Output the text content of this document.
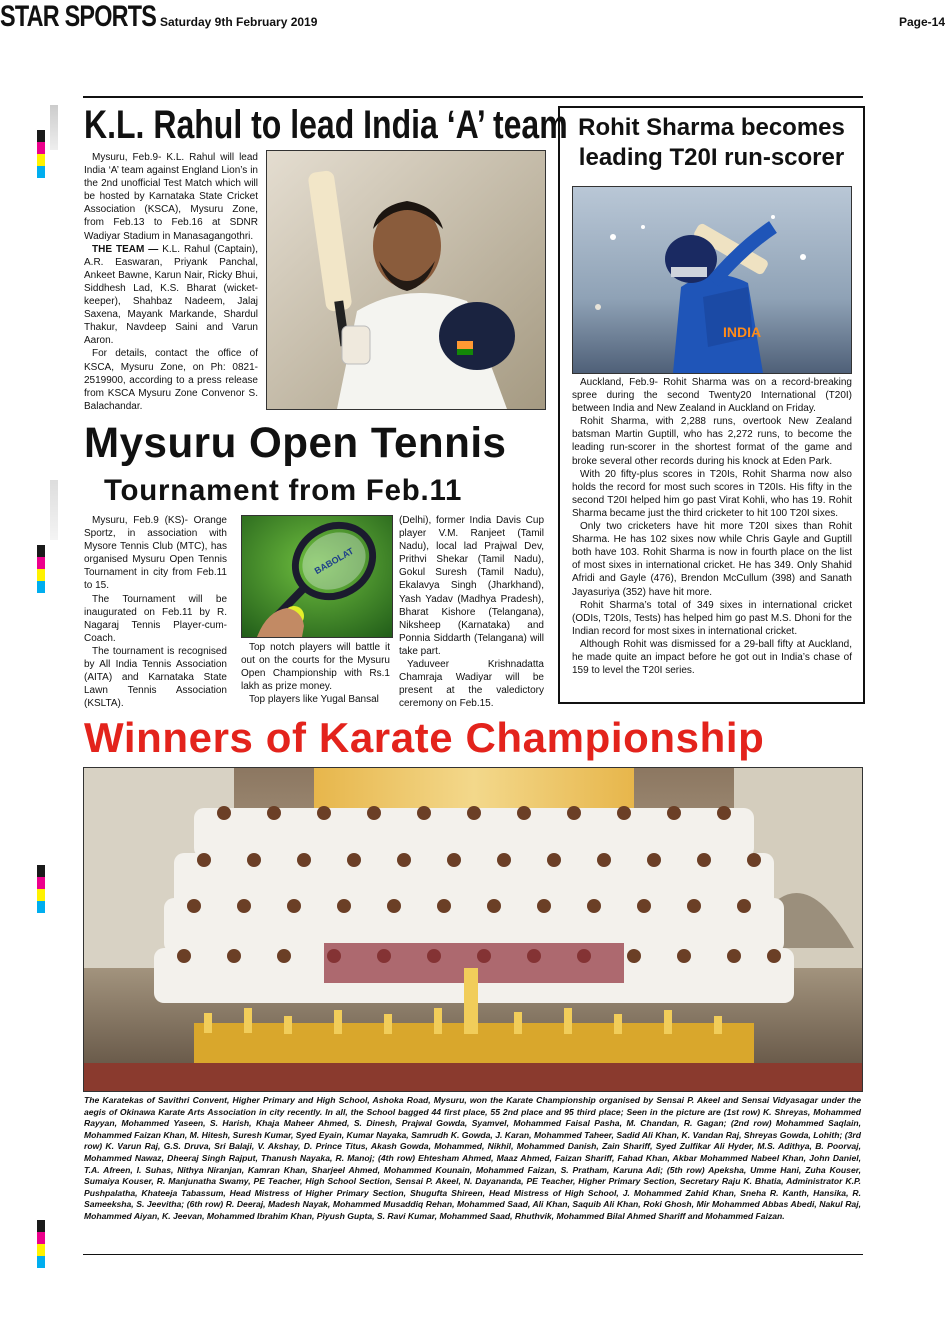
STAR SPORTS Saturday 9th February 2019	Page-14
K.L. Rahul to lead India ‘A’ team

Mysuru, Feb.9- K.L. Rahul will lead India ‘A’ team against England Lion’s in the 2nd unofficial Test Match which will be hosted by Karnataka State Cricket Association (KSCA), Mysuru Zone, from Feb.13 to Feb.16 at SDNR Wadiyar Stadium in Manasagangothri.

THE TEAM — K.L. Rahul (Captain), A.R. Easwaran, Priyank Panchal, Ankeet Bawne, Karun Nair, Ricky Bhui, Siddhesh Lad, K.S. Bharat (wicket-keeper), Shahbaz Nadeem, Jalaj Saxena, Mayank Markande, Shardul Thakur, Navdeep Saini and Varun Aaron.

For details, contact the office of KSCA, Mysuru Zone, on Ph: 0821-2519900, according to a press release from KSCA Mysuru Zone Convenor S. Balachandar.

Rohit Sharma becomes
leading T20I run-scorer
INDIA

Auckland, Feb.9- Rohit Sharma was on a record-breaking spree during the second Twenty20 International (T20I) between India and New Zealand in Auckland on Friday.

Rohit Sharma, with 2,288 runs, overtook New Zealand batsman Martin Guptill, who has 2,272 runs, to become the leading run-scorer in the shortest format of the game and broke several other records during his knock at Eden Park.

With 20 fifty-plus scores in T20Is, Rohit Sharma now also holds the record for most such scores in T20Is. His fifty in the second T20I helped him go past Virat Kohli, who has 19. Rohit Sharma became just the third cricketer to hit 100 T20I sixes.

Only two cricketers have hit more T20I sixes than Rohit Sharma. He has 102 sixes now while Chris Gayle and Guptill both have 103. Rohit Sharma is now in fourth place on the list of most sixes in international cricket. He has 349. Only Shahid Afridi and Gayle (476), Brendon McCullum (398) and Sanath Jayasuriya (352) have hit more.

Rohit Sharma’s total of 349 sixes in international cricket (ODIs, T20Is, Tests) has helped him go past M.S. Dhoni for the Indian record for most sixes in international cricket.

Although Rohit was dismissed for a 29-ball fifty at Auckland, he made quite an impact before he got out in India’s chase of 159 to level the T20I series.

Mysuru Open Tennis
Tournament from Feb.11

Mysuru, Feb.9 (KS)- Orange Sportz, in association with Mysore Tennis Club (MTC), has organised Mysuru Open Tennis Tournament in city from Feb.11 to 15.

The Tournament will be inaugurated on Feb.11 by R. Nagaraj Tennis Player-cum-Coach.

The tournament is recognised by All India Tennis Association (AITA) and Karnataka State Lawn Tennis Association (KSLTA).

BABOLAT

Top notch players will battle it out on the courts for the Mysuru Open Championship with Rs.1 lakh as prize money.

Top players like Yugal Bansal

(Delhi), former India Davis Cup player V.M. Ranjeet (Tamil Nadu), local lad Prajwal Dev, Prithvi Shekar (Tamil Nadu), Gokul Suresh (Tamil Nadu), Ekalavya Singh (Jharkhand), Yash Yadav (Madhya Pradesh), Bharat Kishore (Telangana), Niksheep (Karnataka) and Ponnia Siddarth (Telangana) will take part.

Yaduveer Krishnadatta Chamraja Wadiyar will be present at the valedictory ceremony on Feb.15.

Winners of Karate Championship
The Karatekas of Savithri Convent, Higher Primary and High School, Ashoka Road, Mysuru, won the Karate Championship organised by Sensai P. Akeel and Sensai Vidyasagar under the aegis of Okinawa Karate Arts Association in city recently. In all, the School bagged 44 first place, 55 2nd place and 95 third place; Seen in the picture are (1st row) K. Shreyas, Mohammed Rayyan, Mohammed Yaseen, S. Harish, Khaja Maheer Ahmed, S. Dinesh, Prajwal Gowda, Syamvel, Mohammed Faisal Pasha, M. Chandan, R. Gagan; (2nd row) Mohammed Saqlain, Mohammed Faizan Khan, M. Hitesh, Suresh Kumar, Syed Eyain, Kumar Nayaka, Samrudh K. Gowda, J. Karan, Mohammed Taheer, Sadid Ali Khan, K. Vandan Raj, Shreyas Gowda, Lohith; (3rd row) K. Varun Raj, G.S. Druva, Sri Balaji, V. Akshay, D. Prince Titus, Akash Gowda, Mohammed, Nikhil, Mohammed Danish, Zain Shariff, Syed Zulfikar Ali Hyder, M.S. Adithya, B. Poorvaj, Mohammed Nawaz, Dheeraj Singh Rajput, Thanush Nayaka, R. Manoj; (4th row) Ehtesham Ahmed, Maaz Ahmed, Faizan Shariff, Fahad Khan, Akbar Mohammed Nabeel Khan, John Daniel, T.A. Afreen, I. Suhas, Nithya Niranjan, Kamran Khan, Sharjeel Ahmed, Mohammed Kounain, Mohammed Faizan, S. Pratham, Karuna Adi; (5th row) Apeksha, Umme Hani, Zuha Kouser, Sumaiya Kouser, R. Manjunatha Swamy, PE Teacher, High School Section, Sensai P. Akeel, N. Dayananda, PE Teacher, Higher Primary Section, Secretary Raju K. Bhatia, Administrator K.P. Pushpalatha, Khateeja Tabassum, Head Mistress of Higher Primary Section, Shugufta Shireen, Head Mistress of High School, J. Mohammed Zahid Khan, Sneha R. Kanth, Hansika, R. Sameeksha, S. Jeevitha; (6th row) R. Deeraj, Madesh Nayak, Mohammed Musaddiq Rehan, Mohammed Saad, Ali Khan, Saquib Ali Khan, Roki Ghosh, Mir Mohammed Abbas Abedi, Nakul Raj, Mohammed Aiyan, K. Jeevan, Mohammed Ibrahim Khan, Piyush Gupta, S. Ravi Kumar, Mohammed Saad, Rhuthvik, Mohammed Bilal Ahmed Shariff and Mohammed Faizan.
